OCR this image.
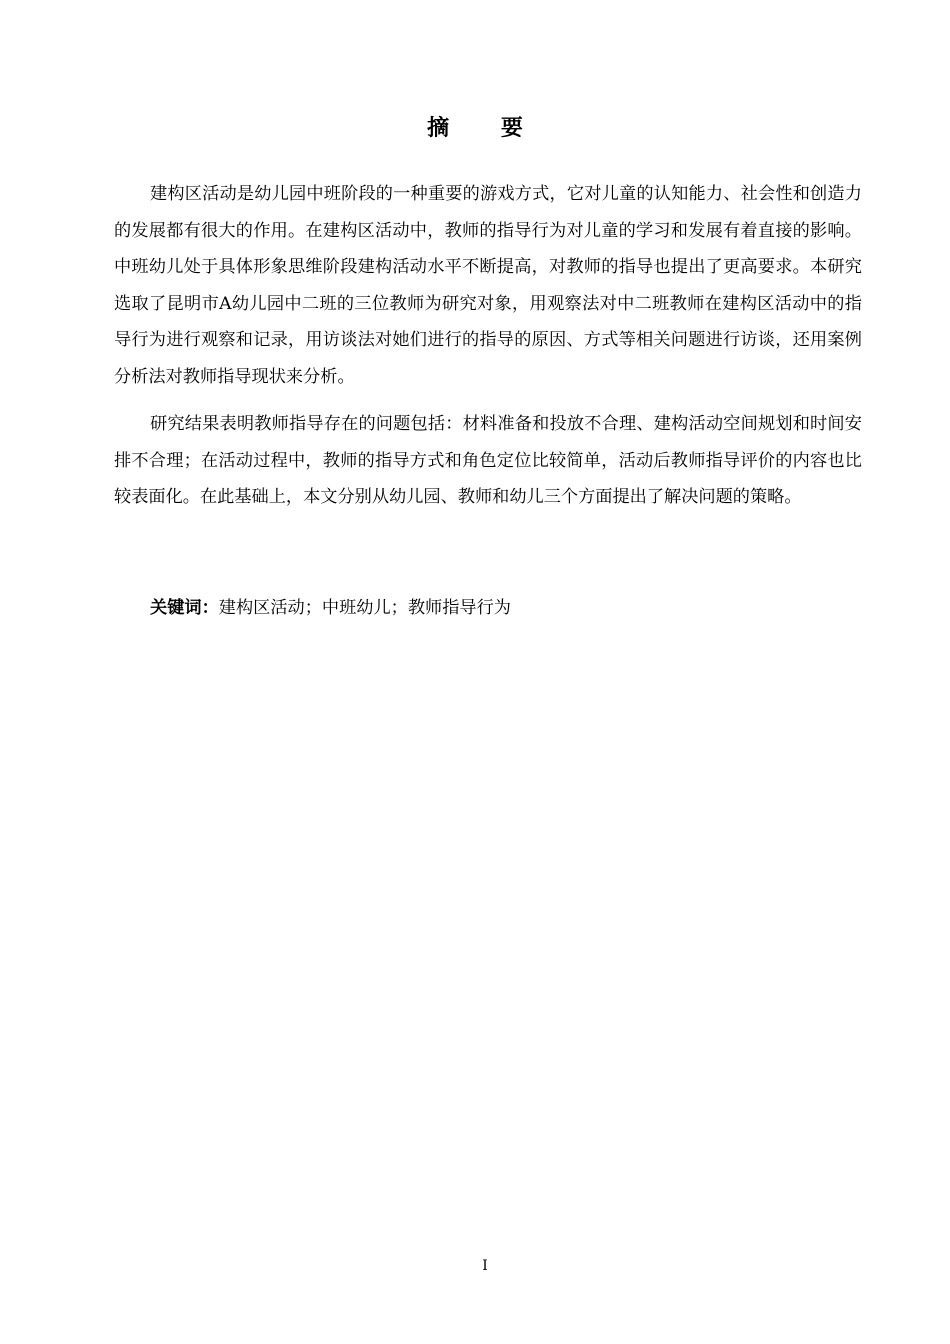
摘 要

建构区活动是幼儿园中班阶段的一种重要的游戏方式，它对儿童的认知能力、社会性和创造力的发展都有很大的作用。在建构区活动中，教师的指导行为对儿童的学习和发展有着直接的影响。中班幼儿处于具体形象思维阶段建构活动水平不断提高，对教师的指导也提出了更高要求。本研究选取了昆明市A幼儿园中二班的三位教师为研究对象，用观察法对中二班教师在建构区活动中的指导行为进行观察和记录，用访谈法对她们进行的指导的原因、方式等相关问题进行访谈，还用案例分析法对教师指导现状来分析。

研究结果表明教师指导存在的问题包括：材料准备和投放不合理、建构活动空间规划和时间安排不合理；在活动过程中，教师的指导方式和角色定位比较简单，活动后教师指导评价的内容也比较表面化。在此基础上，本文分别从幼儿园、教师和幼儿三个方面提出了解决问题的策略。

关键词：建构区活动；中班幼儿；教师指导行为

I
